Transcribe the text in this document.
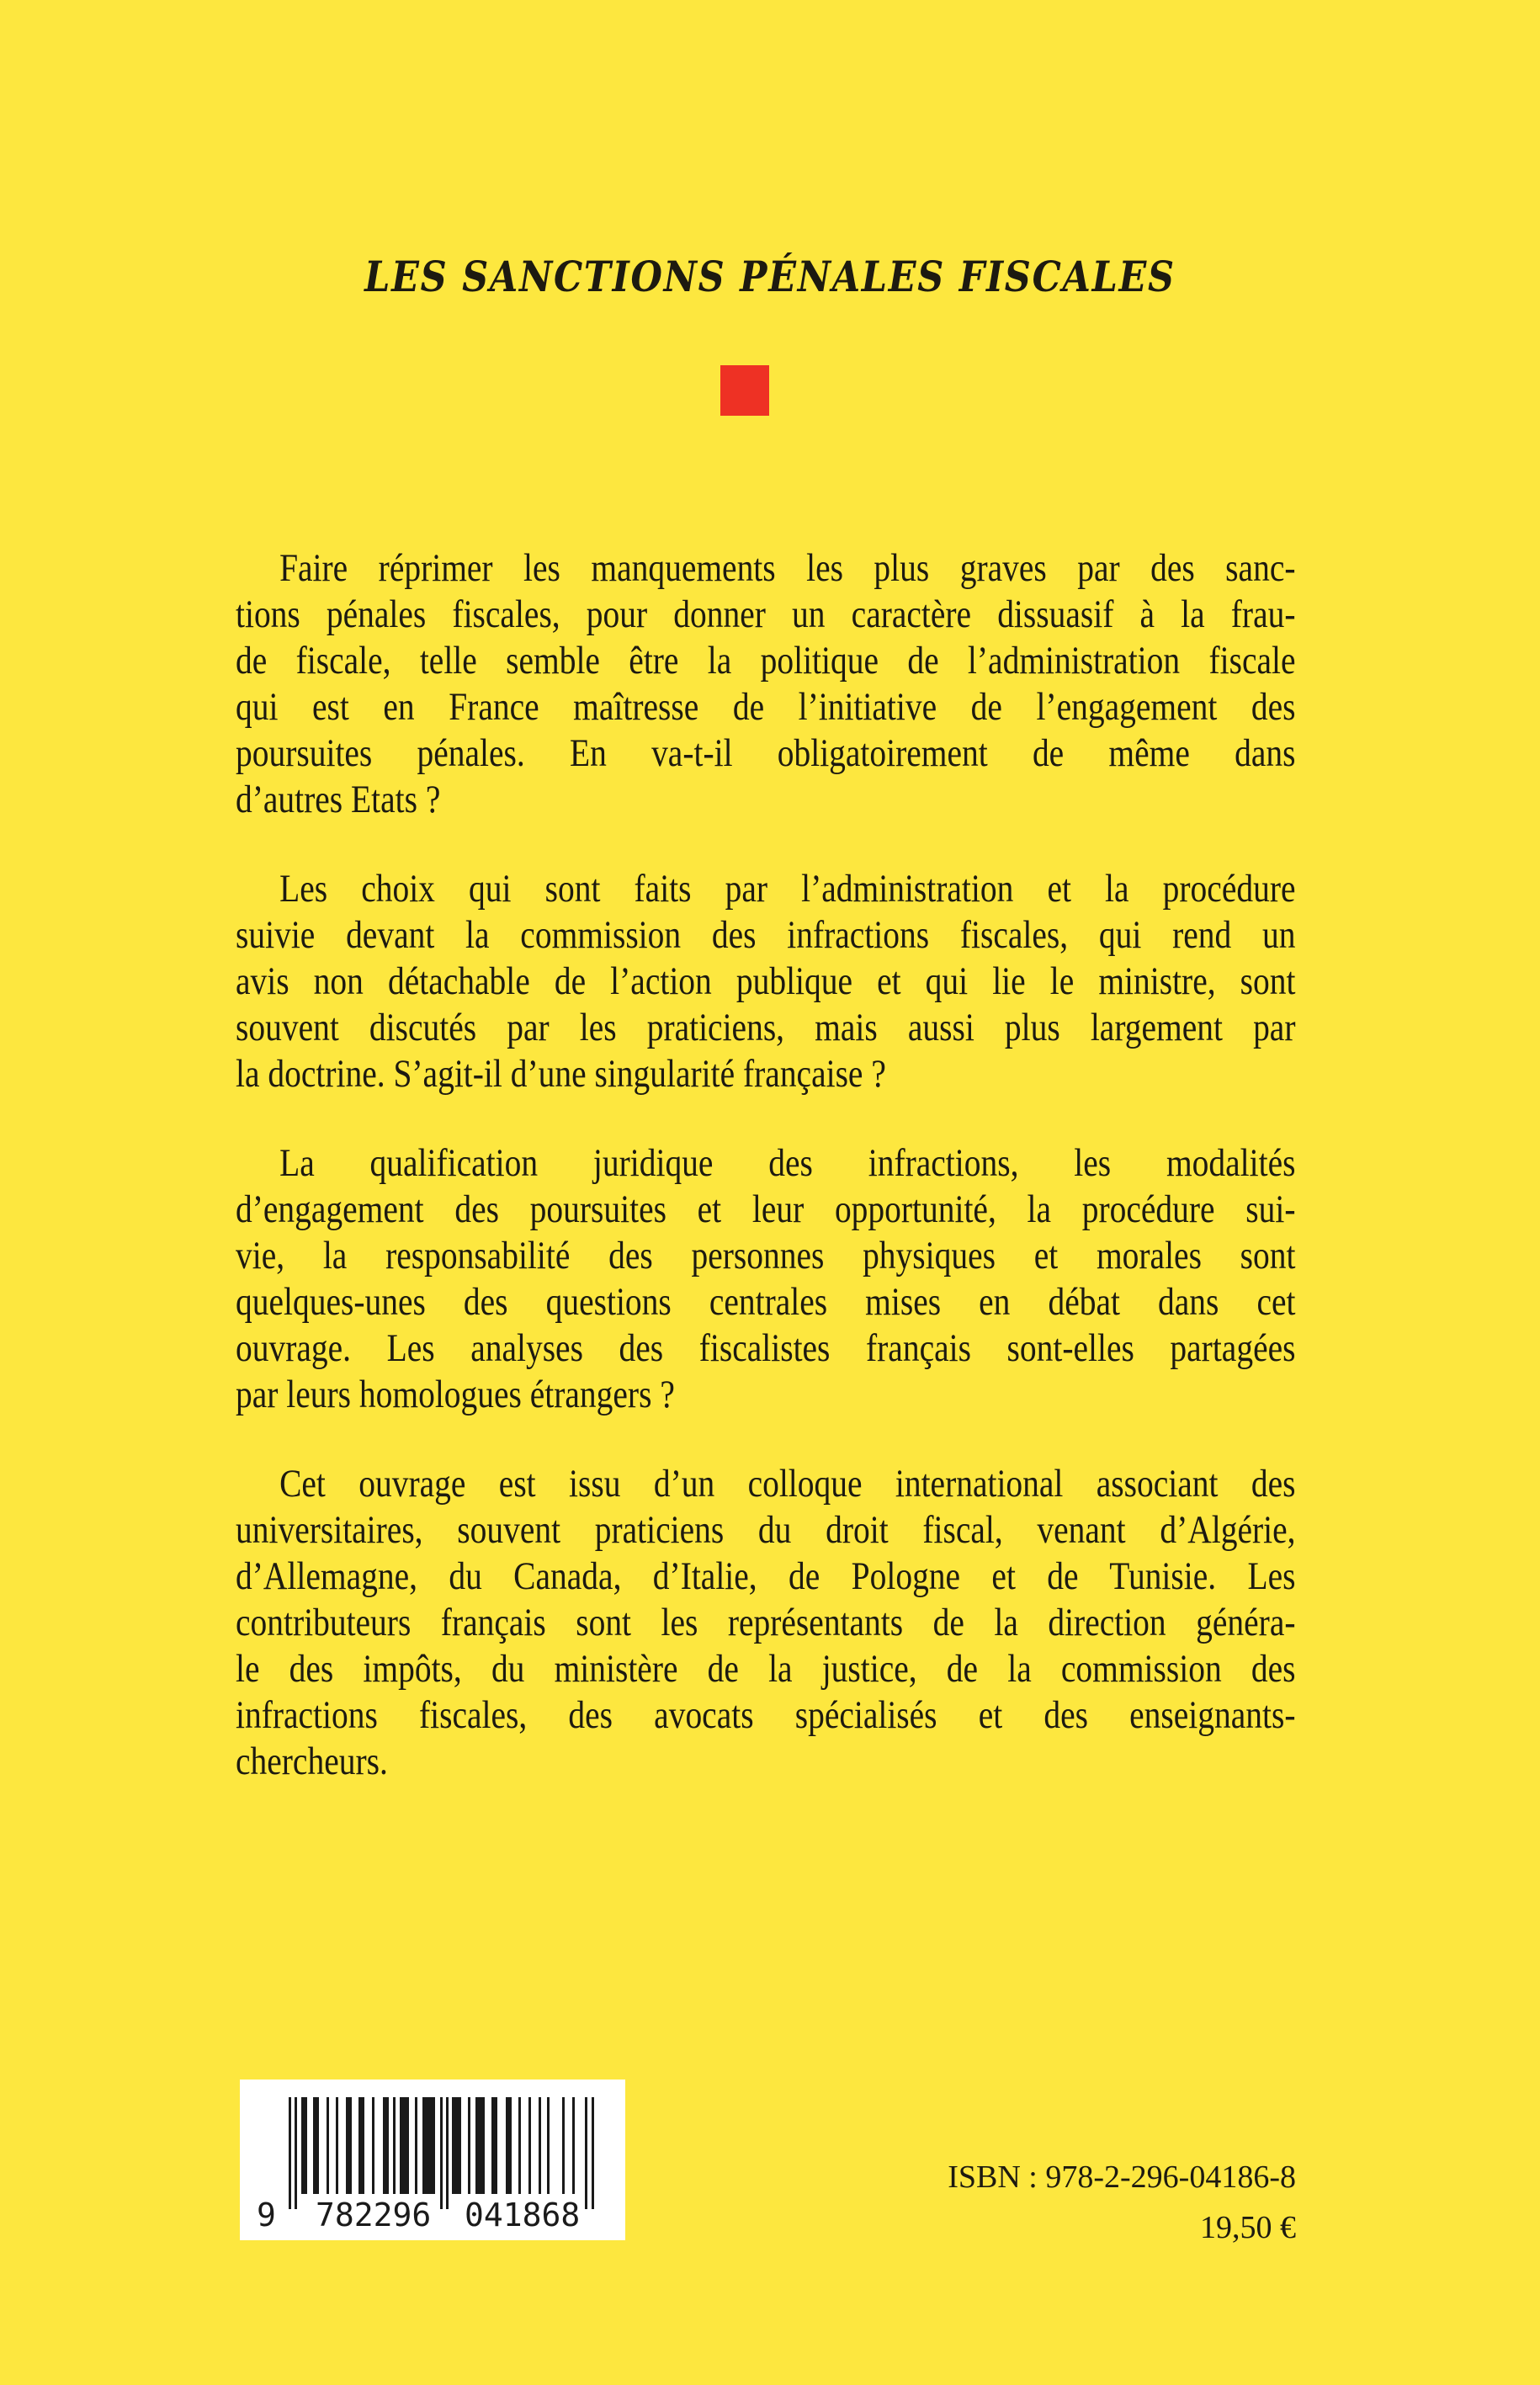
LES SANCTIONS PÉNALES FISCALES

Faire réprimer les manquements les plus graves par des sanc-
tions pénales fiscales, pour donner un caractère dissuasif à la frau-
de fiscale, telle semble être la politique de l’administration fiscale
qui est en France maîtresse de l’initiative de l’engagement des
poursuites pénales. En va-t-il obligatoirement de même dans
d’autres Etats ?

Les choix qui sont faits par l’administration et la procédure
suivie devant la commission des infractions fiscales, qui rend un
avis non détachable de l’action publique et qui lie le ministre, sont
souvent discutés par les praticiens, mais aussi plus largement par
la doctrine. S’agit-il d’une singularité française ?

La qualification juridique des infractions, les modalités
d’engagement des poursuites et leur opportunité, la procédure sui-
vie, la responsabilité des personnes physiques et morales sont
quelques-unes des questions centrales mises en débat dans cet
ouvrage. Les analyses des fiscalistes français sont-elles partagées
par leurs homologues étrangers ?

Cet ouvrage est issu d’un colloque international associant des
universitaires, souvent praticiens du droit fiscal, venant d’Algérie,
d’Allemagne, du Canada, d’Italie, de Pologne et de Tunisie. Les
contributeurs français sont les représentants de la direction généra-
le des impôts, du ministère de la justice, de la commission des
infractions fiscales, des avocats spécialisés et des enseignants-
chercheurs.

9 782296 041868
ISBN : 978-2-296-04186-8
19,50 €
